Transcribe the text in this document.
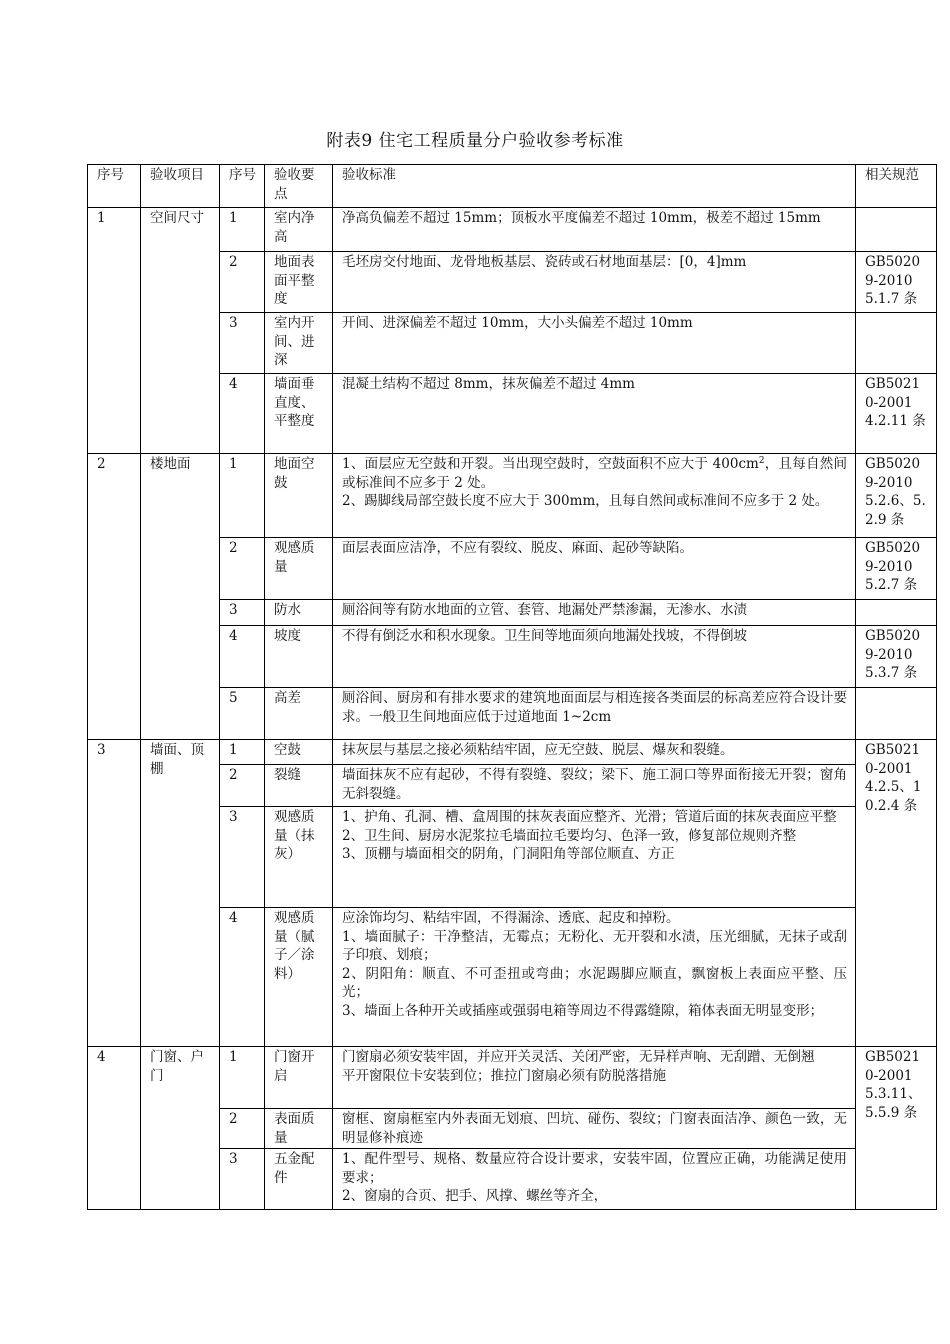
附表9 住宅工程质量分户验收参考标准
序号	验收项目	序号	验收要点	验收标准	相关规范
1	空间尺寸	1	室内净高	净高负偏差不超过 15mm；顶板水平度偏差不超过 10mm，极差不超过 15mm	

		2	地面表面平整度	毛坯房交付地面、龙骨地板基层、瓷砖或石材地面基层：[0，4]mm	GB50209-2010 5.1.7 条
		3	室内开间、进深	开间、进深偏差不超过 10mm，大小头偏差不超过 10mm	

		4	墙面垂直度、平整度	混凝土结构不超过 8mm，抹灰偏差不超过 4mm	GB50210-2001 4.2.11 条
2	楼地面	1	地面空鼓	1、面层应无空鼓和开裂。当出现空鼓时，空鼓面积不应大于 $400cm^2$，且每自然间或标准间不应多于 2 处。
2、踢脚线局部空鼓长度不应大于 300mm，且每自然间或标准间不应多于 2 处。	GB50209-2010 5.2.6、5.2.9 条
		2	观感质量	面层表面应洁净，不应有裂纹、脱皮、麻面、起砂等缺陷。	GB50209-2010 5.2.7 条
		3	防水	厕浴间等有防水地面的立管、套管、地漏处严禁渗漏，无渗水、水渍	

		4	坡度	不得有倒泛水和积水现象。卫生间等地面须向地漏处找坡，不得倒坡	GB50209-2010 5.3.7 条
		5	高差	厕浴间、厨房和有排水要求的建筑地面面层与相连接各类面层的标高差应符合设计要求。一般卫生间地面应低于过道地面 1~2cm	

3	墙面、顶棚	1	空鼓	抹灰层与基层之接必须粘结牢固，应无空鼓、脱层、爆灰和裂缝。	GB50210-2001 4.2.5、10.2.4 条
		2	裂缝	墙面抹灰不应有起砂，不得有裂缝、裂纹；梁下、施工洞口等界面衔接无开裂；窗角无斜裂缝。	

		3	观感质量（抹灰）	1、护角、孔洞、槽、盒周围的抹灰表面应整齐、光滑；管道后面的抹灰表面应平整
2、卫生间、厨房水泥浆拉毛墙面拉毛要均匀、色泽一致，修复部位规则齐整
3、顶棚与墙面相交的阴角，门洞阳角等部位顺直、方正	

		4	观感质量（腻子／涂料）	应涂饰均匀、粘结牢固，不得漏涂、透底、起皮和掉粉。
1、墙面腻子：干净整洁，无霉点；无粉化、无开裂和水渍，压光细腻，无抹子或刮子印痕、划痕；
2、阴阳角：顺直、不可歪扭或弯曲；水泥踢脚应顺直，飘窗板上表面应平整、压光；
3、墙面上各种开关或插座或强弱电箱等周边不得露缝隙，箱体表面无明显变形；	

4	门窗、户门	1	门窗开启	门窗扇必须安装牢固，并应开关灵活、关闭严密，无异样声响、无刮蹭、无倒翘
平开窗限位卡安装到位；推拉门窗扇必须有防脱落措施	GB50210-2001 5.3.11、5.5.9 条
		2	表面质量	窗框、窗扇框室内外表面无划痕、凹坑、碰伤、裂纹；门窗表面洁净、颜色一致，无明显修补痕迹	

		3	五金配件	1、配件型号、规格、数量应符合设计要求，安装牢固，位置应正确，功能满足使用要求；
2、窗扇的合页、把手、风撑、螺丝等齐全，	
